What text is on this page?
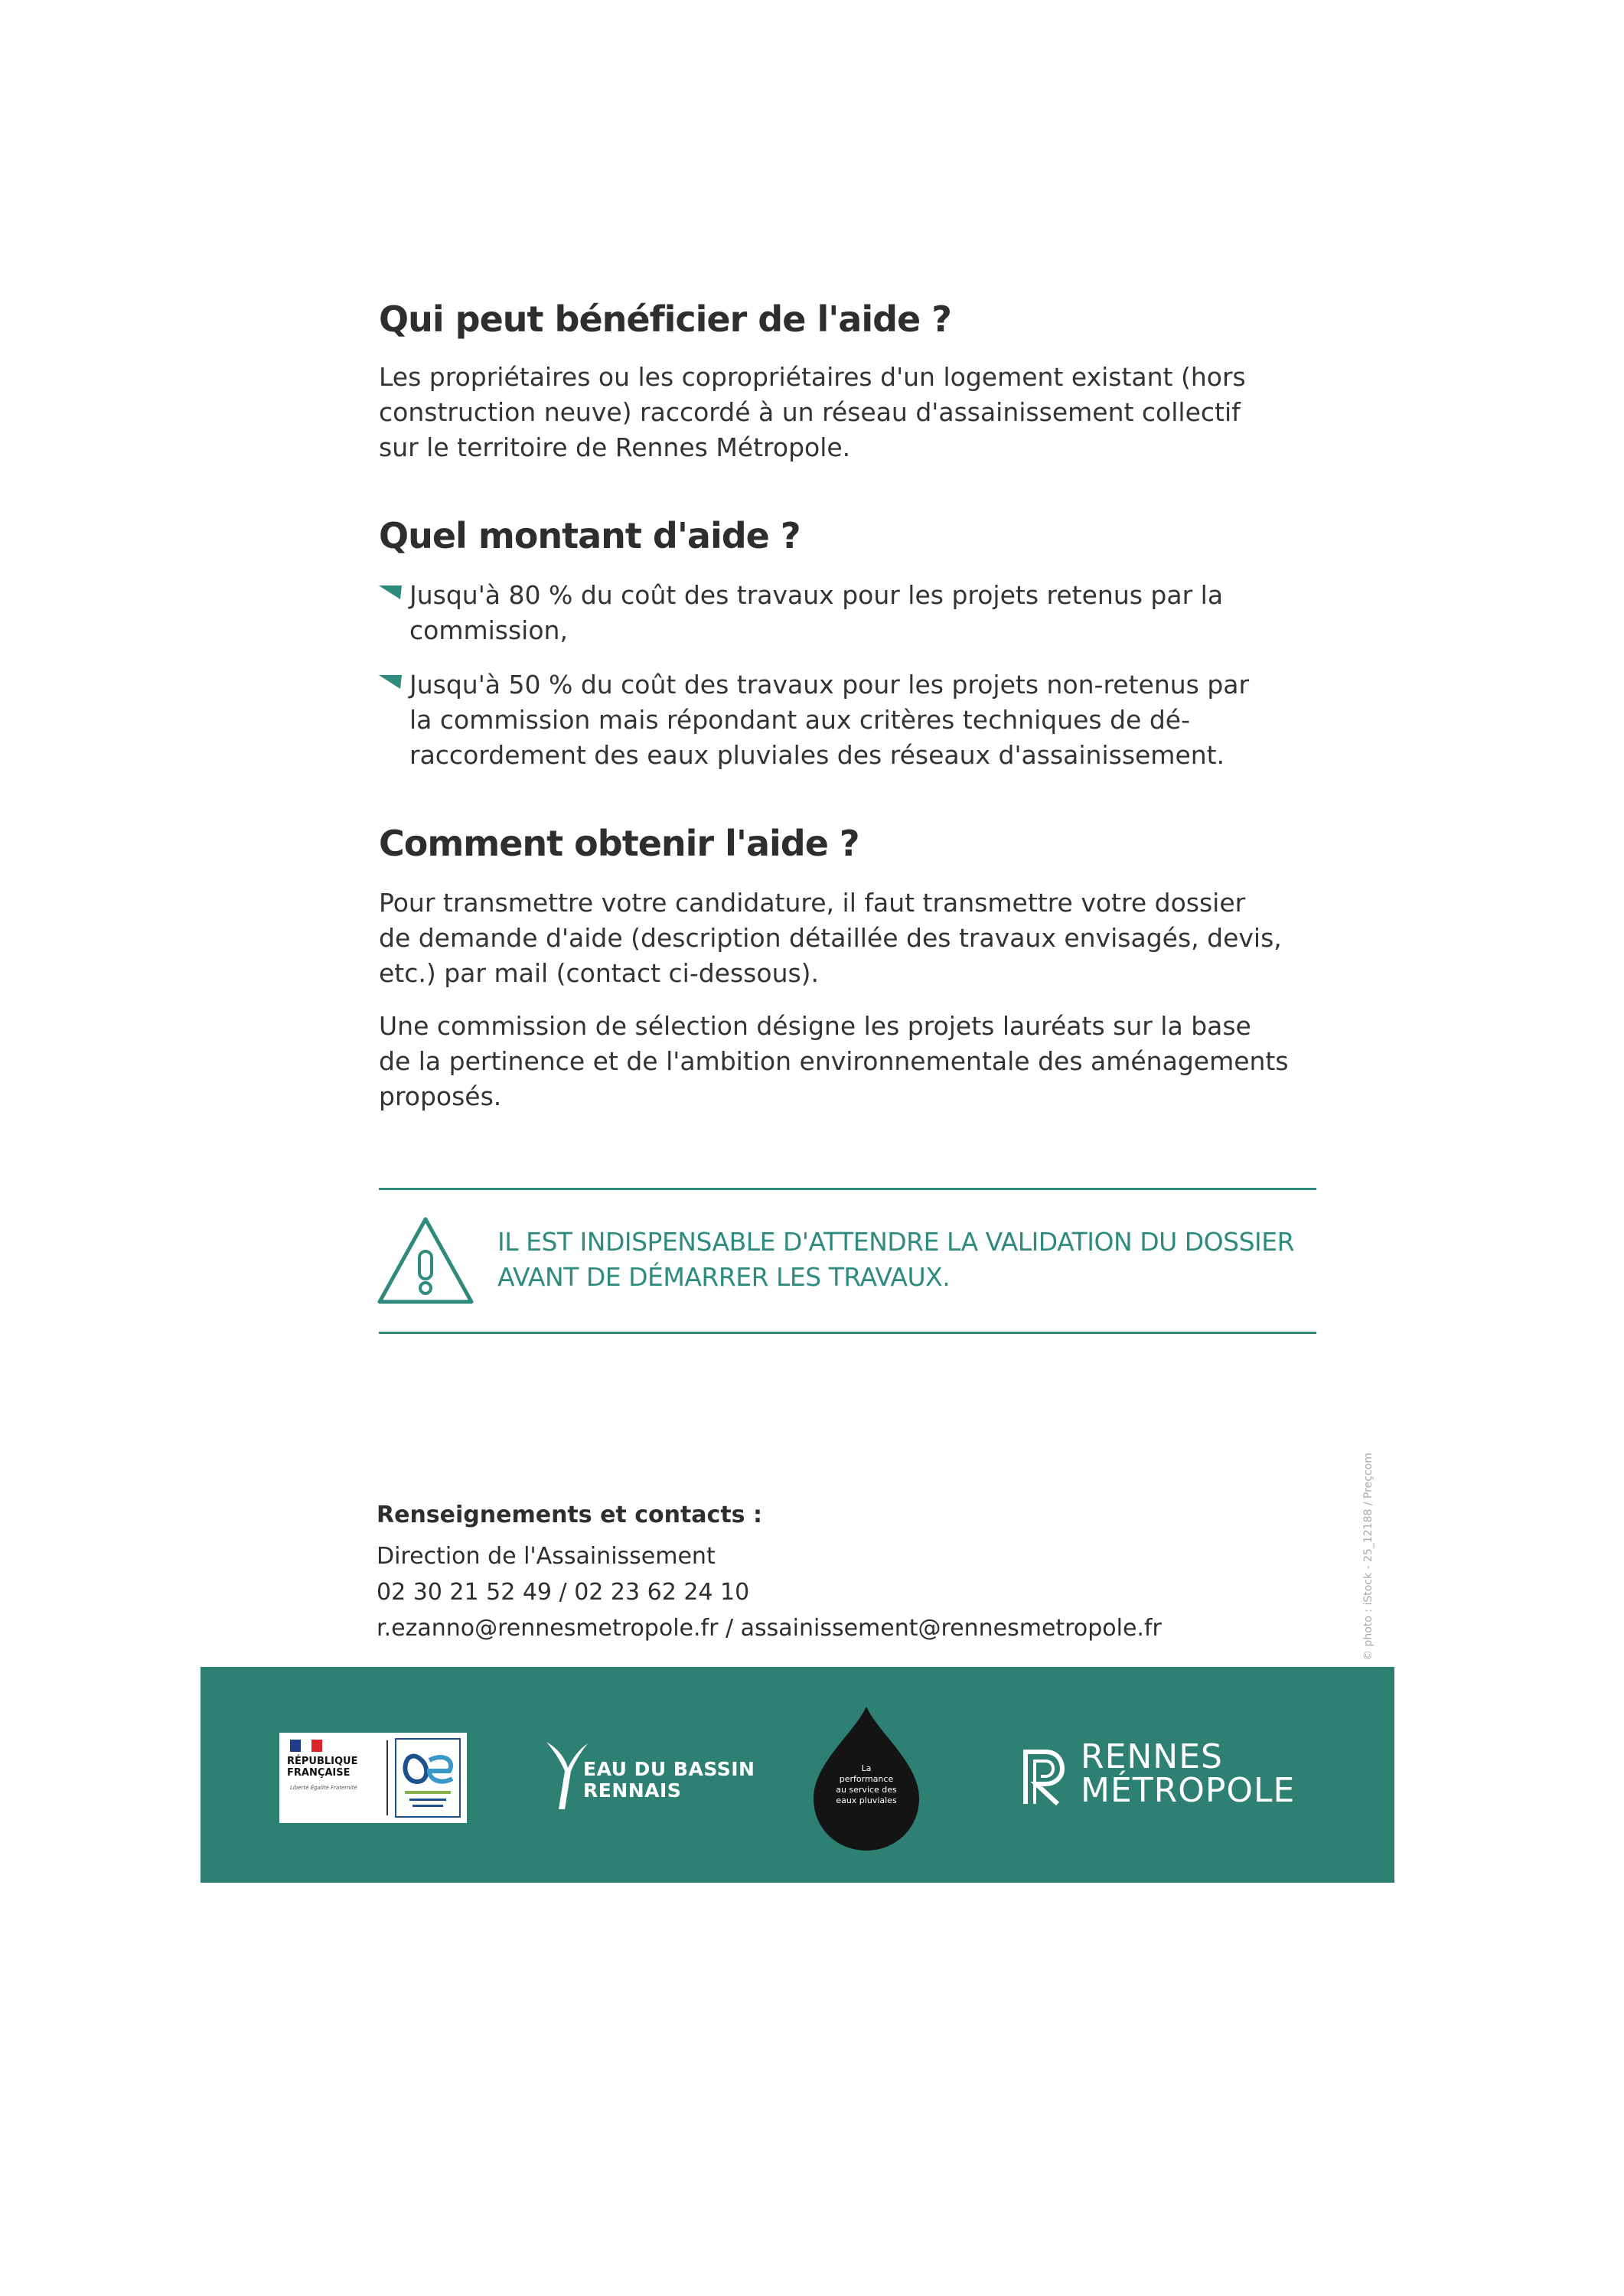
Qui peut bénéficier de l'aide ?

Les propriétaires ou les copropriétaires d'un logement existant (hors
construction neuve) raccordé à un réseau d'assainissement collectif
sur le territoire de Rennes Métropole.

Quel montant d'aide ?
Jusqu'à 80 % du coût des travaux pour les projets retenus par la
commission,
Jusqu'à 50 % du coût des travaux pour les projets non-retenus par
la commission mais répondant aux critères techniques de dé-
raccordement des eaux pluviales des réseaux d'assainissement.
Comment obtenir l'aide ?

Pour transmettre votre candidature, il faut transmettre votre dossier
de demande d'aide (description détaillée des travaux envisagés, devis,
etc.) par mail (contact ci-dessous).

Une commission de sélection désigne les projets lauréats sur la base
de la pertinence et de l'ambition environnementale des aménagements
proposés.

IL EST INDISPENSABLE D'ATTENDRE LA VALIDATION DU DOSSIER
AVANT DE DÉMARRER LES TRAVAUX.
Renseignements et contacts :
Direction de l'Assainissement
02 30 21 52 49 / 02 23 62 24 10
r.ezanno@rennesmetropole.fr / assainissement@rennesmetropole.fr	© photo : iStock - 25_12188 / Preçcom
RÉPUBLIQUE
FRANÇAISE
Liberté Égalité Fraternité
EAU DU BASSIN
RENNAIS
La
performance
au service des
eaux pluviales
RENNES
MÉTROPOLE
